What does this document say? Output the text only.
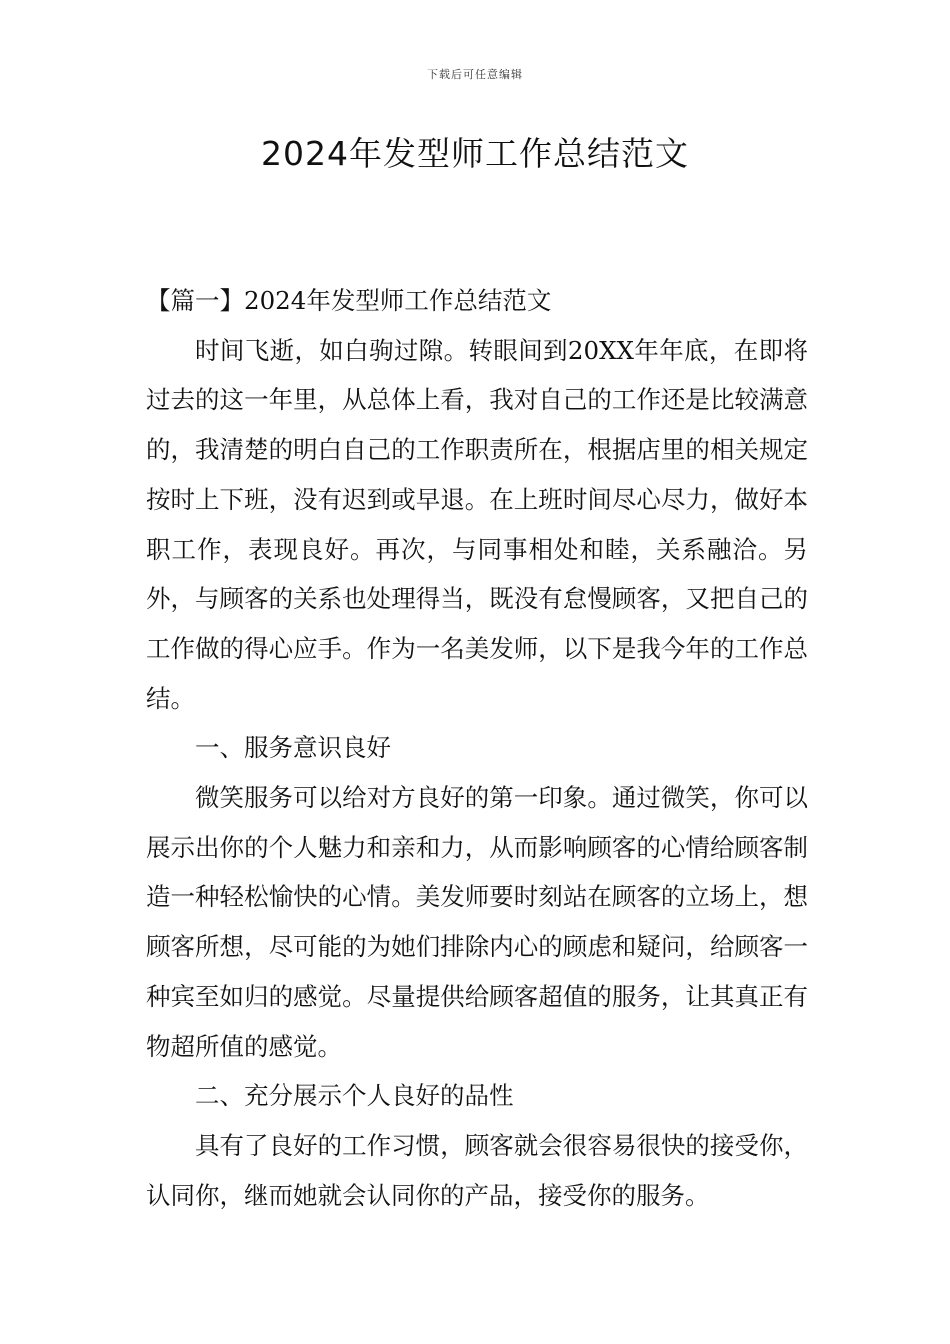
下载后可任意编辑
2024年发型师工作总结范文

【篇一】2024年发型师工作总结范文

时间飞逝，如白驹过隙。转眼间到20XX年年底，在即将过去的这一年里，从总体上看，我对自己的工作还是比较满意的，我清楚的明白自己的工作职责所在，根据店里的相关规定按时上下班，没有迟到或早退。在上班时间尽心尽力，做好本职工作，表现良好。再次，与同事相处和睦，关系融洽。另外，与顾客的关系也处理得当，既没有怠慢顾客，又把自己的工作做的得心应手。作为一名美发师，以下是我今年的工作总结。

一、服务意识良好

微笑服务可以给对方良好的第一印象。通过微笑，你可以展示出你的个人魅力和亲和力，从而影响顾客的心情给顾客制造一种轻松愉快的心情。美发师要时刻站在顾客的立场上，想顾客所想，尽可能的为她们排除内心的顾虑和疑问，给顾客一种宾至如归的感觉。尽量提供给顾客超值的服务，让其真正有物超所值的感觉。

二、充分展示个人良好的品性

具有了良好的工作习惯，顾客就会很容易很快的接受你，认同你，继而她就会认同你的产品，接受你的服务。
